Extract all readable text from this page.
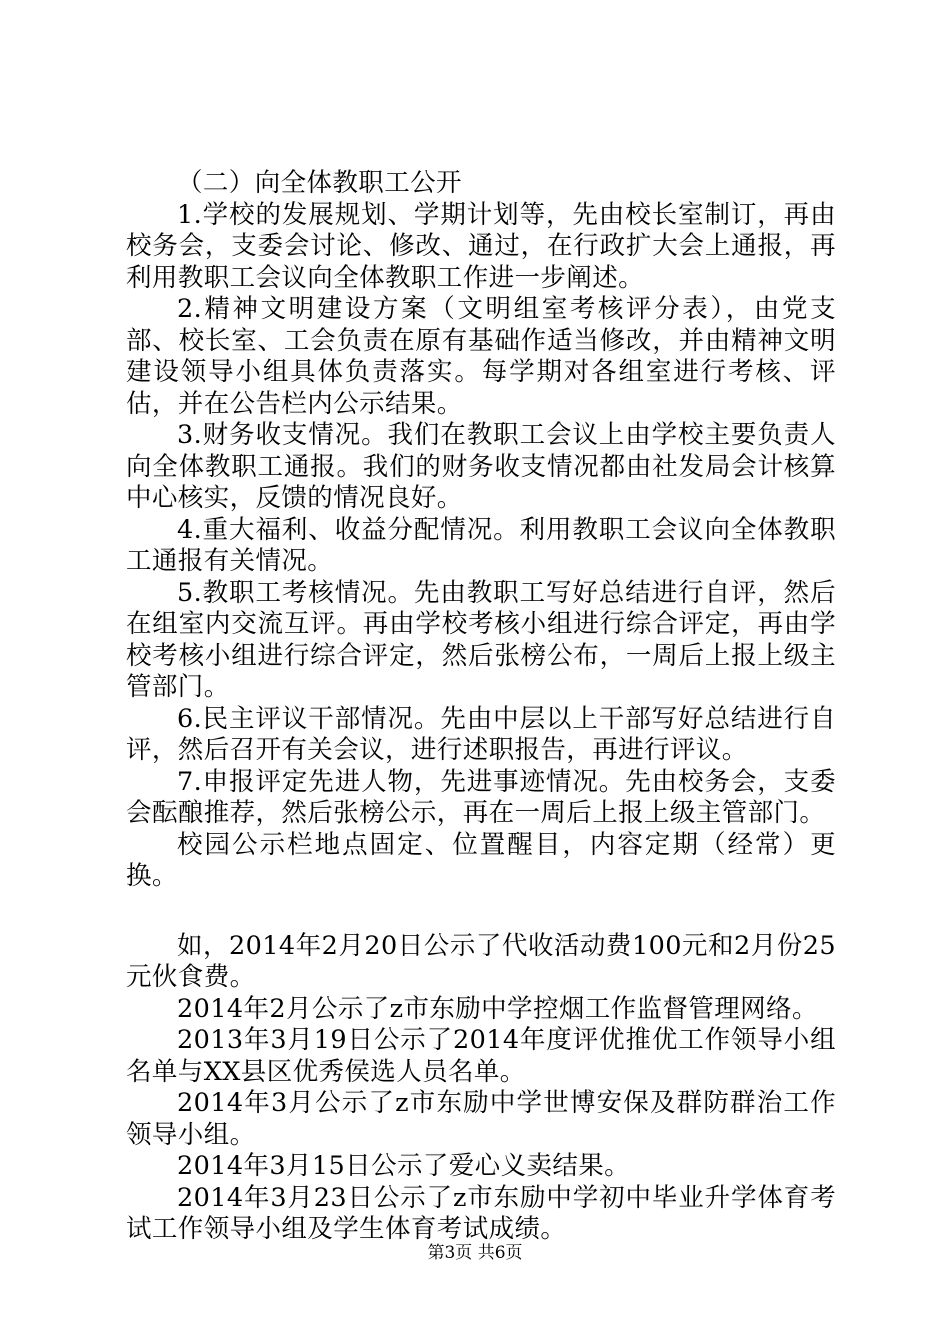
（二）向全体教职工公开

1.学校的发展规划、学期计划等，先由校长室制订，再由校务会，支委会讨论、修改、通过，在行政扩大会上通报，再利用教职工会议向全体教职工作进一步阐述。

2.精神文明建设方案（文明组室考核评分表），由党支部、校长室、工会负责在原有基础作适当修改，并由精神文明建设领导小组具体负责落实。每学期对各组室进行考核、评估，并在公告栏内公示结果。

3.财务收支情况。我们在教职工会议上由学校主要负责人向全体教职工通报。我们的财务收支情况都由社发局会计核算中心核实，反馈的情况良好。

4.重大福利、收益分配情况。利用教职工会议向全体教职工通报有关情况。

5.教职工考核情况。先由教职工写好总结进行自评，然后在组室内交流互评。再由学校考核小组进行综合评定，再由学校考核小组进行综合评定，然后张榜公布，一周后上报上级主管部门。

6.民主评议干部情况。先由中层以上干部写好总结进行自评，然后召开有关会议，进行述职报告，再进行评议。

7.申报评定先进人物，先进事迹情况。先由校务会，支委会酝酿推荐，然后张榜公示，再在一周后上报上级主管部门。

校园公示栏地点固定、位置醒目，内容定期（经常）更换。

如，2014年2月20日公示了代收活动费100元和2月份25元伙食费。

2014年2月公示了z市东励中学控烟工作监督管理网络。

2013年3月19日公示了2014年度评优推优工作领导小组名单与XX县区优秀侯选人员名单。

2014年3月公示了z市东励中学世博安保及群防群治工作领导小组。

2014年3月15日公示了爱心义卖结果。

2014年3月23日公示了z市东励中学初中毕业升学体育考试工作领导小组及学生体育考试成绩。

第3页 共6页
